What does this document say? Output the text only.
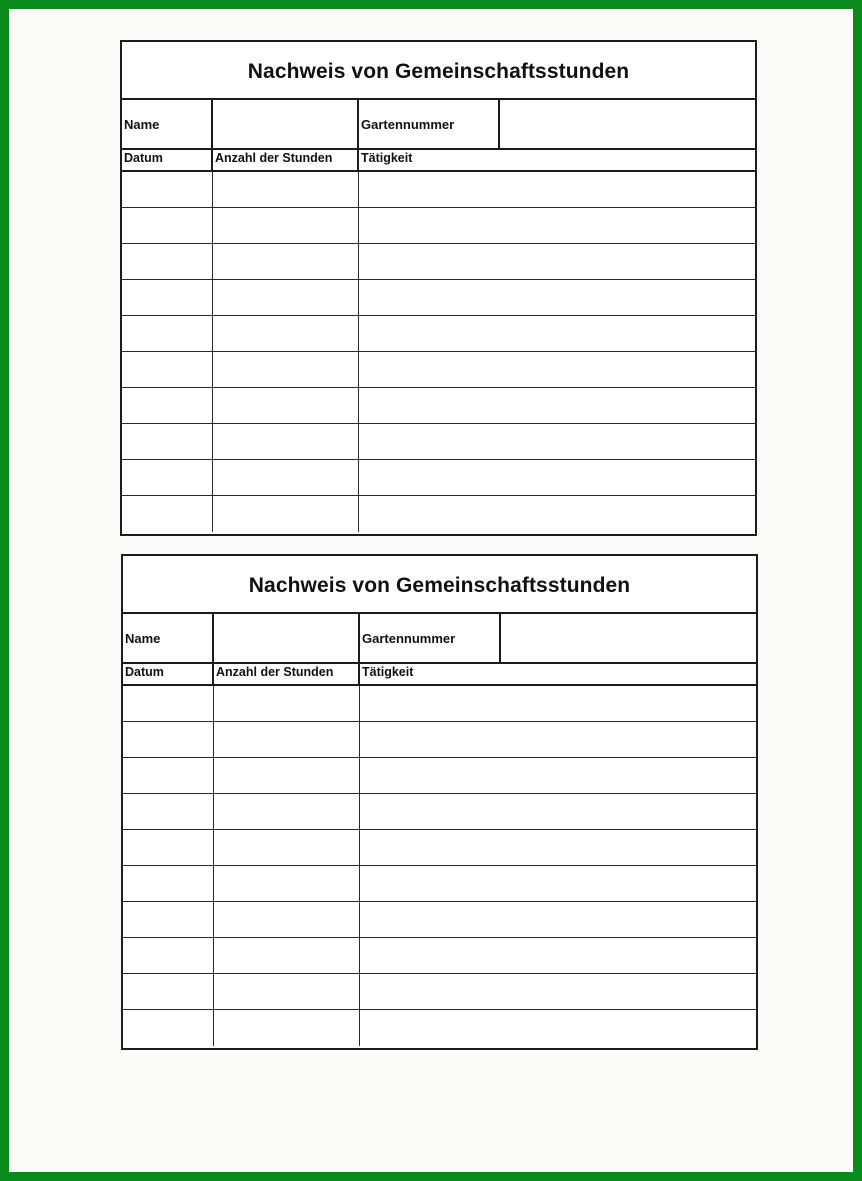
Nachweis von Gemeinschaftsstunden
Name	Gartennummer
Datum	Anzahl der Stunden	Tätigkeit
Nachweis von Gemeinschaftsstunden
Name	Gartennummer
Datum	Anzahl der Stunden	Tätigkeit
